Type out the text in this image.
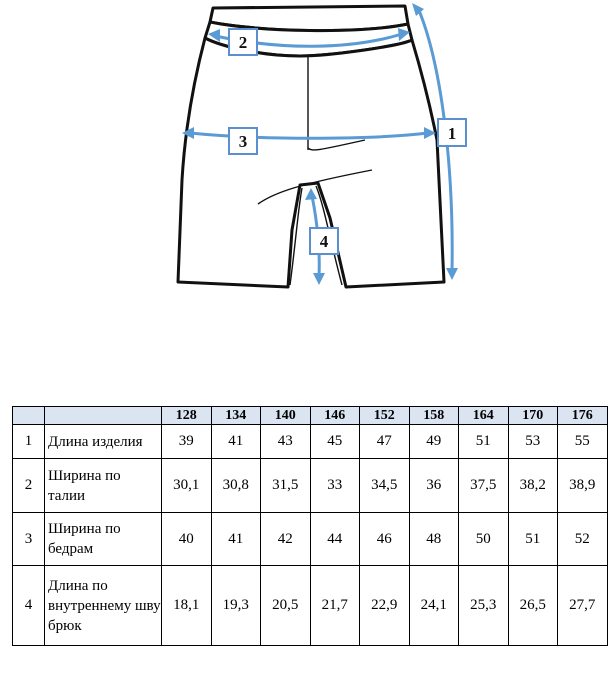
2
3	1
4
		128	134	140	146	152	158	164	170	176
1	Длина изделия	39	41	43	45	47	49	51	53	55
2	Ширина по талии	30,1	30,8	31,5	33	34,5	36	37,5	38,2	38,9
3	Ширина по бедрам	40	41	42	44	46	48	50	51	52
4	Длина по внутреннему шву брюк	18,1	19,3	20,5	21,7	22,9	24,1	25,3	26,5	27,7
